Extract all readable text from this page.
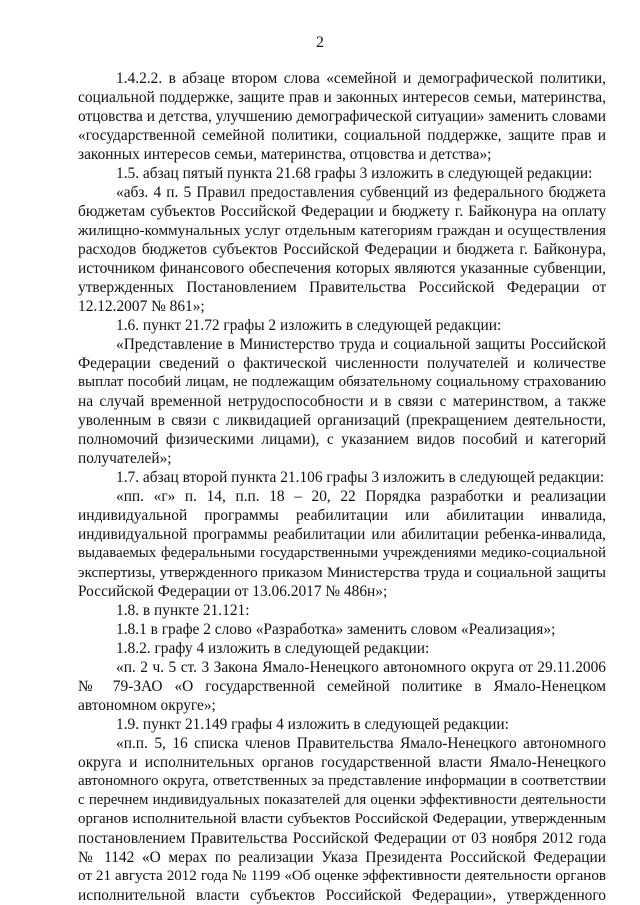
2
1.4.2.2. в абзаце втором слова «семейной и демографической политики,
социальной поддержке, защите прав и законных интересов семьи, материнства,
отцовства и детства, улучшению демографической ситуации» заменить словами
«государственной семейной политики, социальной поддержке, защите прав и
законных интересов семьи, материнства, отцовства и детства»;
1.5. абзац пятый пункта 21.68 графы 3 изложить в следующей редакции:
«абз. 4 п. 5 Правил предоставления субвенций из федерального бюджета
бюджетам субъектов Российской Федерации и бюджету г. Байконура на оплату
жилищно-коммунальных услуг отдельным категориям граждан и осуществления
расходов бюджетов субъектов Российской Федерации и бюджета г. Байконура,
источником финансового обеспечения которых являются указанные субвенции,
утвержденных Постановлением Правительства Российской Федерации от
12.12.2007 № 861»;
1.6. пункт 21.72 графы 2 изложить в следующей редакции:
«Представление в Министерство труда и социальной защиты Российской
Федерации сведений о фактической численности получателей и количестве
выплат пособий лицам, не подлежащим обязательному социальному страхованию
на случай временной нетрудоспособности и в связи с материнством, а также
уволенным в связи с ликвидацией организаций (прекращением деятельности,
полномочий физическими лицами), с указанием видов пособий и категорий
получателей»;
1.7. абзац второй пункта 21.106 графы 3 изложить в следующей редакции:
«пп. «г» п. 14, п.п. 18 – 20, 22 Порядка разработки и реализации
индивидуальной программы реабилитации или абилитации инвалида,
индивидуальной программы реабилитации или абилитации ребенка-инвалида,
выдаваемых федеральными государственными учреждениями медико-социальной
экспертизы, утвержденного приказом Министерства труда и социальной защиты
Российской Федерации от 13.06.2017 № 486н»;
1.8. в пункте 21.121:
1.8.1 в графе 2 слово «Разработка» заменить словом «Реализация»;
1.8.2. графу 4 изложить в следующей редакции:
«п. 2 ч. 5 ст. 3 Закона Ямало-Ненецкого автономного округа от 29.11.2006
№ 79-ЗАО «О государственной семейной политике в Ямало-Ненецком
автономном округе»;
1.9. пункт 21.149 графы 4 изложить в следующей редакции:
«п.п. 5, 16 списка членов Правительства Ямало-Ненецкого автономного
округа и исполнительных органов государственной власти Ямало-Ненецкого
автономного округа, ответственных за представление информации в соответствии
с перечнем индивидуальных показателей для оценки эффективности деятельности
органов исполнительной власти субъектов Российской Федерации, утвержденным
постановлением Правительства Российской Федерации от 03 ноября 2012 года
№ 1142 «О мерах по реализации Указа Президента Российской Федерации
от 21 августа 2012 года № 1199 «Об оценке эффективности деятельности органов
исполнительной власти субъектов Российской Федерации», утвержденного
